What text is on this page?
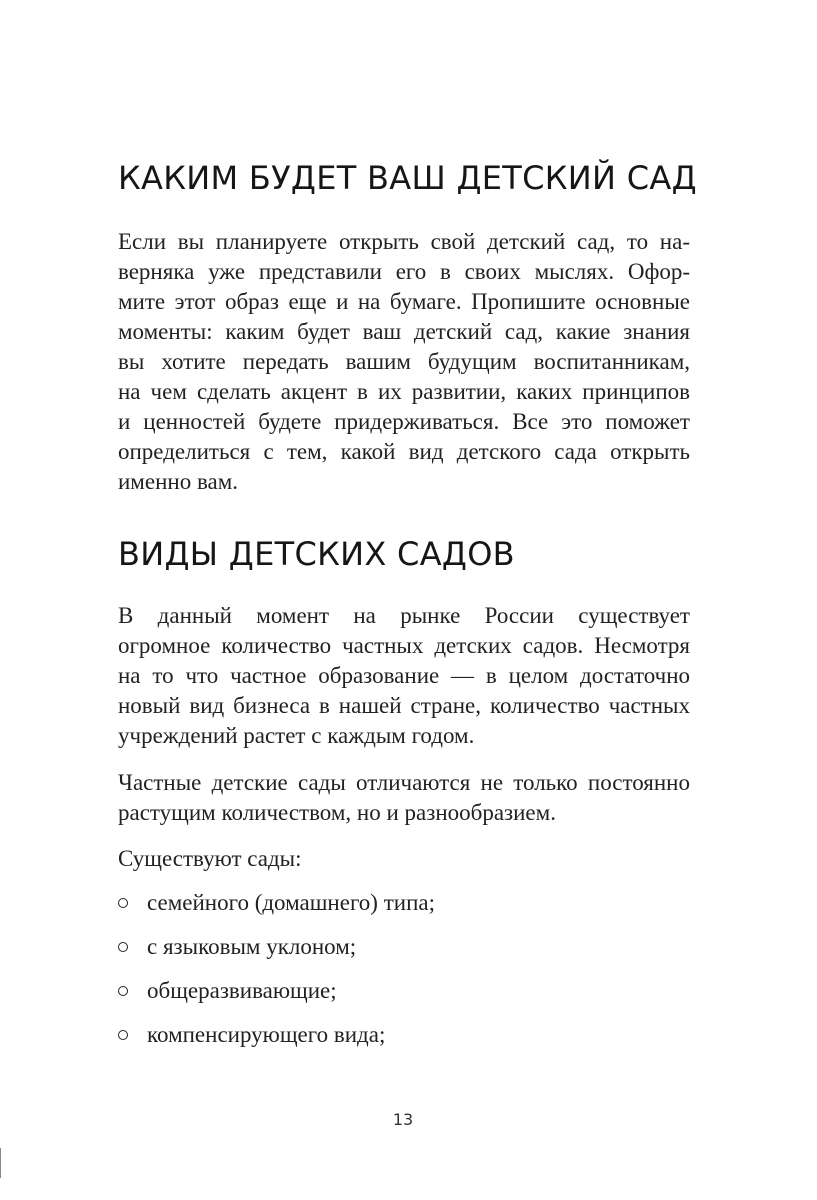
КАКИМ БУДЕТ ВАШ ДЕТСКИЙ САД

Если вы планируете открыть свой детский сад, то на-
верняка уже представили его в своих мыслях. Офор-
мите этот образ еще и на бумаге. Пропишите основные
моменты: каким будет ваш детский сад, какие знания
вы хотите передать вашим будущим воспитанникам,
на чем сделать акцент в их развитии, каких принципов
и ценностей будете придерживаться. Все это поможет
определиться с тем, какой вид детского сада открыть
именно вам.

ВИДЫ ДЕТСКИХ САДОВ

В данный момент на рынке России существует
огромное количество частных детских садов. Несмотря
на то что частное образование — в целом достаточно
новый вид бизнеса в нашей стране, количество частных
учреждений растет с каждым годом.

Частные детские сады отличаются не только постоянно
растущим количеством, но и разнообразием.

Существуют сады:

семейного (домашнего) типа;
с языковым уклоном;
общеразвивающие;
компенсирующего вида;
13
